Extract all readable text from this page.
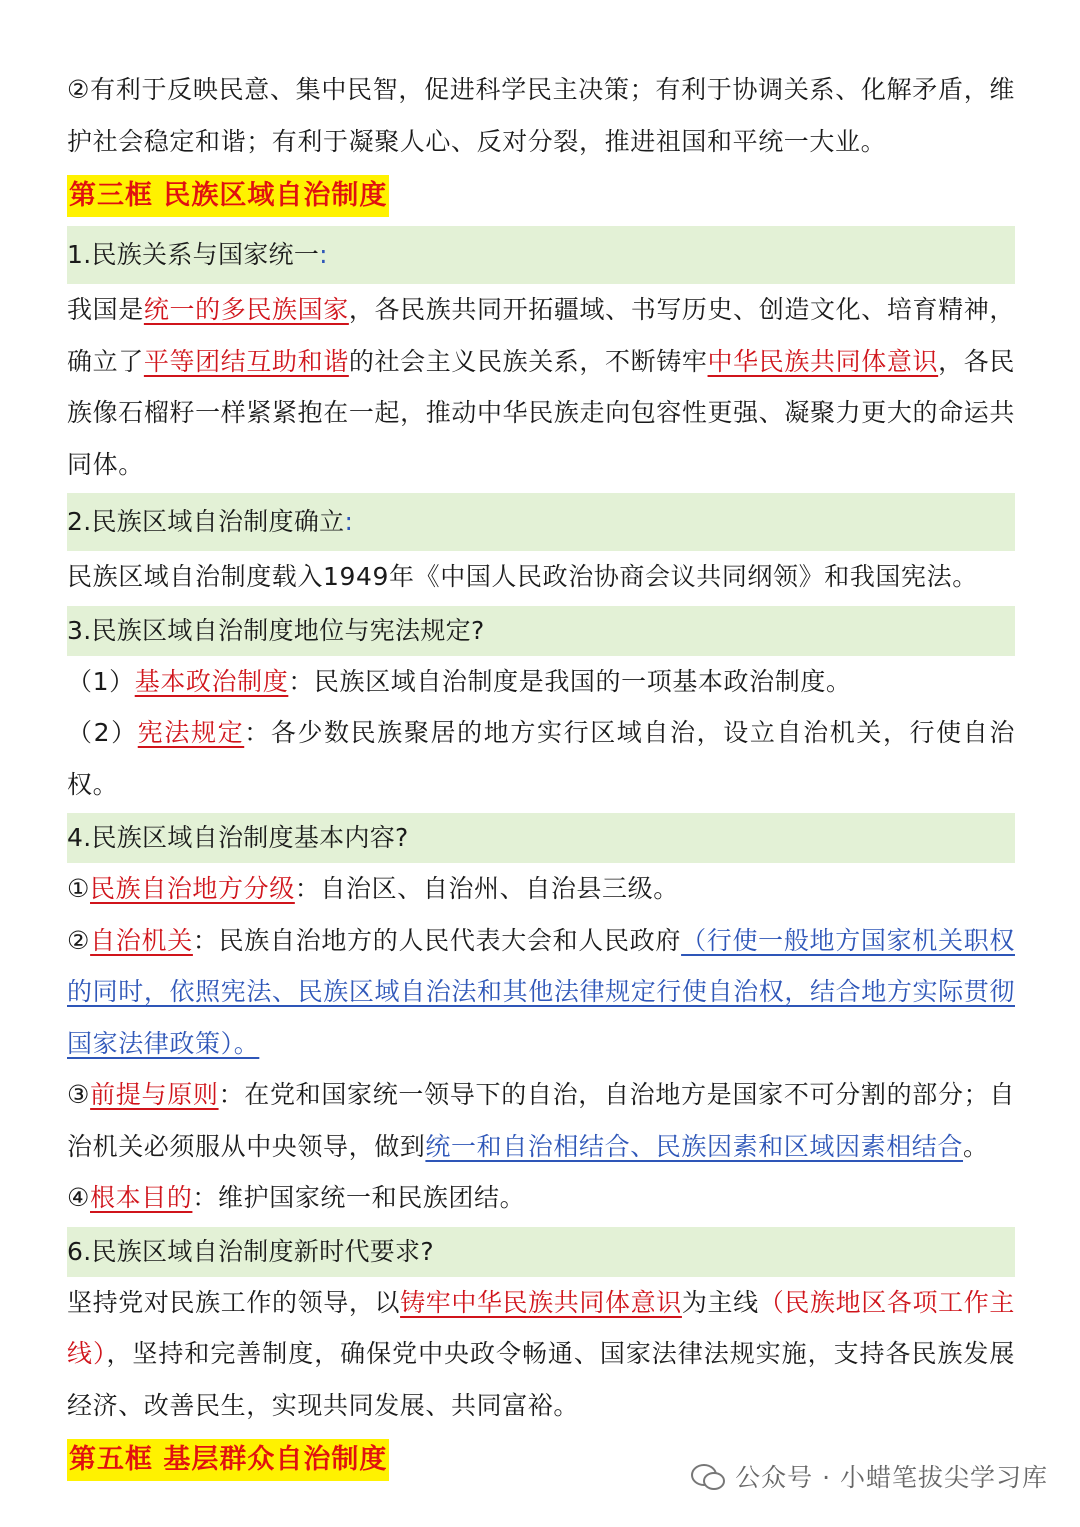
②有利于反映民意、集中民智，促进科学民主决策；有利于协调关系、化解矛盾，维护社会稳定和谐；有利于凝聚人心、反对分裂，推进祖国和平统一大业。

第三框 民族区域自治制度
1.民族关系与国家统一:

我国是统一的多民族国家，各民族共同开拓疆域、书写历史、创造文化、培育精神，确立了平等团结互助和谐的社会主义民族关系，不断铸牢中华民族共同体意识，各民族像石榴籽一样紧紧抱在一起，推动中华民族走向包容性更强、凝聚力更大的命运共同体。

2.民族区域自治制度确立:

民族区域自治制度载入1949年《中国人民政治协商会议共同纲领》和我国宪法。

3.民族区域自治制度地位与宪法规定?

（1）基本政治制度：民族区域自治制度是我国的一项基本政治制度。

（2）宪法规定：各少数民族聚居的地方实行区域自治，设立自治机关，行使自治权。

4.民族区域自治制度基本内容?

①民族自治地方分级：自治区、自治州、自治县三级。

②自治机关：民族自治地方的人民代表大会和人民政府（行使一般地方国家机关职权的同时，依照宪法、民族区域自治法和其他法律规定行使自治权，结合地方实际贯彻国家法律政策）。

③前提与原则：在党和国家统一领导下的自治，自治地方是国家不可分割的部分；自治机关必须服从中央领导，做到统一和自治相结合、民族因素和区域因素相结合。

④根本目的：维护国家统一和民族团结。

6.民族区域自治制度新时代要求?

坚持党对民族工作的领导，以铸牢中华民族共同体意识为主线（民族地区各项工作主线），坚持和完善制度，确保党中央政令畅通、国家法律法规实施，支持各民族发展经济、改善民生，实现共同发展、共同富裕。

第五框 基层群众自治制度
公众号 · 小蜡笔拔尖学习库
